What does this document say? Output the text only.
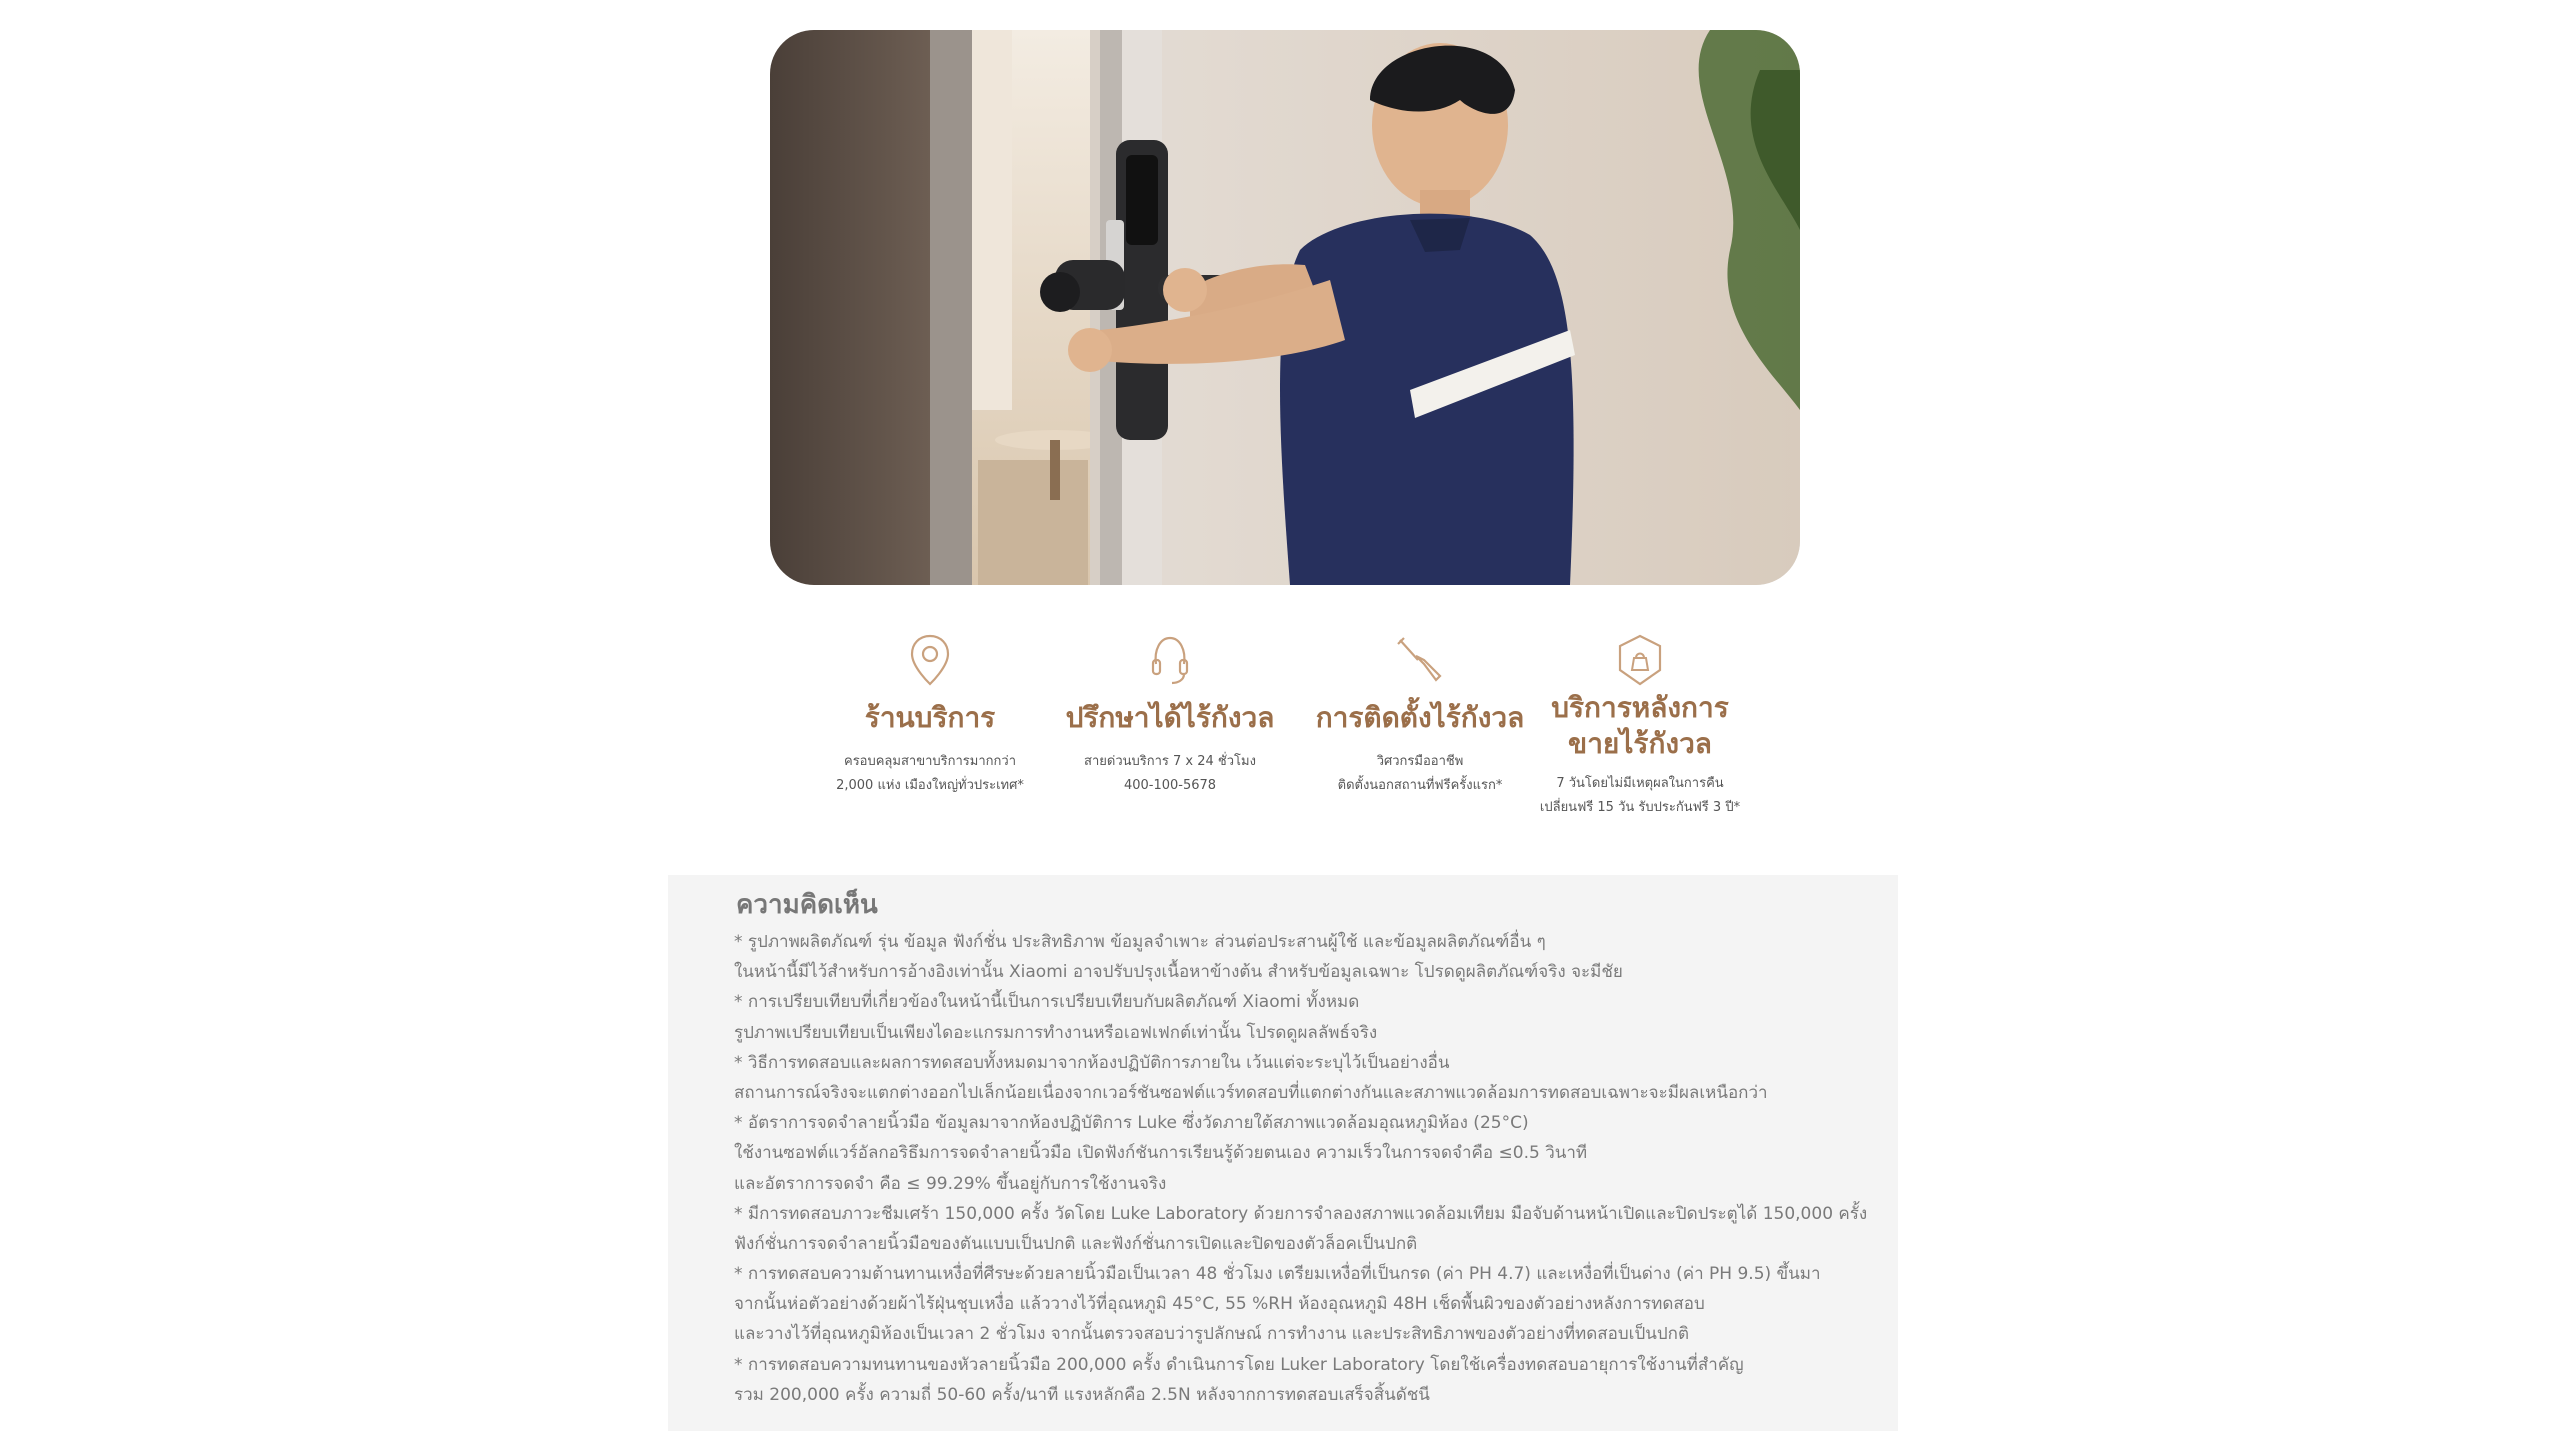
ร้านบริการ
ครอบคลุมสาขาบริการมากกว่า
2,000 แห่ง เมืองใหญ่ทั่วประเทศ*
ปรึกษาได้ไร้กังวล
สายด่วนบริการ 7 x 24 ชั่วโมง
400-100-5678
การติดตั้งไร้กังวล
วิศวกรมืออาชีพ
ติดตั้งนอกสถานที่ฟรีครั้งแรก*
บริการหลังการ
ขายไร้กังวล
7 วันโดยไม่มีเหตุผลในการคืน
เปลี่ยนฟรี 15 วัน รับประกันฟรี 3 ปี*
ความคิดเห็น
* รูปภาพผลิตภัณฑ์ รุ่น ข้อมูล ฟังก์ชั่น ประสิทธิภาพ ข้อมูลจำเพาะ ส่วนต่อประสานผู้ใช้ และข้อมูลผลิตภัณฑ์อื่น ๆ
ในหน้านี้มีไว้สำหรับการอ้างอิงเท่านั้น Xiaomi อาจปรับปรุงเนื้อหาข้างต้น สำหรับข้อมูลเฉพาะ โปรดดูผลิตภัณฑ์จริง จะมีชัย
* การเปรียบเทียบที่เกี่ยวข้องในหน้านี้เป็นการเปรียบเทียบกับผลิตภัณฑ์ Xiaomi ทั้งหมด
รูปภาพเปรียบเทียบเป็นเพียงไดอะแกรมการทำงานหรือเอฟเฟกต์เท่านั้น โปรดดูผลลัพธ์จริง
* วิธีการทดสอบและผลการทดสอบทั้งหมดมาจากห้องปฏิบัติการภายใน เว้นแต่จะระบุไว้เป็นอย่างอื่น
สถานการณ์จริงจะแตกต่างออกไปเล็กน้อยเนื่องจากเวอร์ชันซอฟต์แวร์ทดสอบที่แตกต่างกันและสภาพแวดล้อมการทดสอบเฉพาะจะมีผลเหนือกว่า
* อัตราการจดจำลายนิ้วมือ ข้อมูลมาจากห้องปฏิบัติการ Luke ซึ่งวัดภายใต้สภาพแวดล้อมอุณหภูมิห้อง (25°C)
ใช้งานซอฟต์แวร์อัลกอริธึมการจดจำลายนิ้วมือ เปิดฟังก์ชันการเรียนรู้ด้วยตนเอง ความเร็วในการจดจำคือ ≤0.5 วินาที
และอัตราการจดจำ คือ ≤ 99.29% ขึ้นอยู่กับการใช้งานจริง
* มีการทดสอบภาวะชีมเศร้า 150,000 ครั้ง วัดโดย Luke Laboratory ด้วยการจำลองสภาพแวดล้อมเทียม มือจับด้านหน้าเปิดและปิดประตูได้ 150,000 ครั้ง
ฟังก์ชั่นการจดจำลายนิ้วมือของตันแบบเป็นปกติ และฟังก์ชั่นการเปิดและปิดของตัวล็อคเป็นปกติ
* การทดสอบความต้านทานเหงื่อที่ศีรษะด้วยลายนิ้วมือเป็นเวลา 48 ชั่วโมง เตรียมเหงื่อที่เป็นกรด (ค่า PH 4.7) และเหงื่อที่เป็นด่าง (ค่า PH 9.5) ขึ้นมา
จากนั้นห่อตัวอย่างด้วยผ้าไร้ฝุ่นชุบเหงื่อ แล้ววางไว้ที่อุณหภูมิ 45°C, 55 %RH ห้องอุณหภูมิ 48H เช็ดพื้นผิวของตัวอย่างหลังการทดสอบ
และวางไว้ที่อุณหภูมิห้องเป็นเวลา 2 ชั่วโมง จากนั้นตรวจสอบว่ารูปลักษณ์ การทำงาน และประสิทธิภาพของตัวอย่างที่ทดสอบเป็นปกติ
* การทดสอบความทนทานของหัวลายนิ้วมือ 200,000 ครั้ง ดำเนินการโดย Luker Laboratory โดยใช้เครื่องทดสอบอายุการใช้งานที่สำคัญ
รวม 200,000 ครั้ง ความถี่ 50-60 ครั้ง/นาที แรงหลักคือ 2.5N หลังจากการทดสอบเสร็จสิ้นดัชนี
